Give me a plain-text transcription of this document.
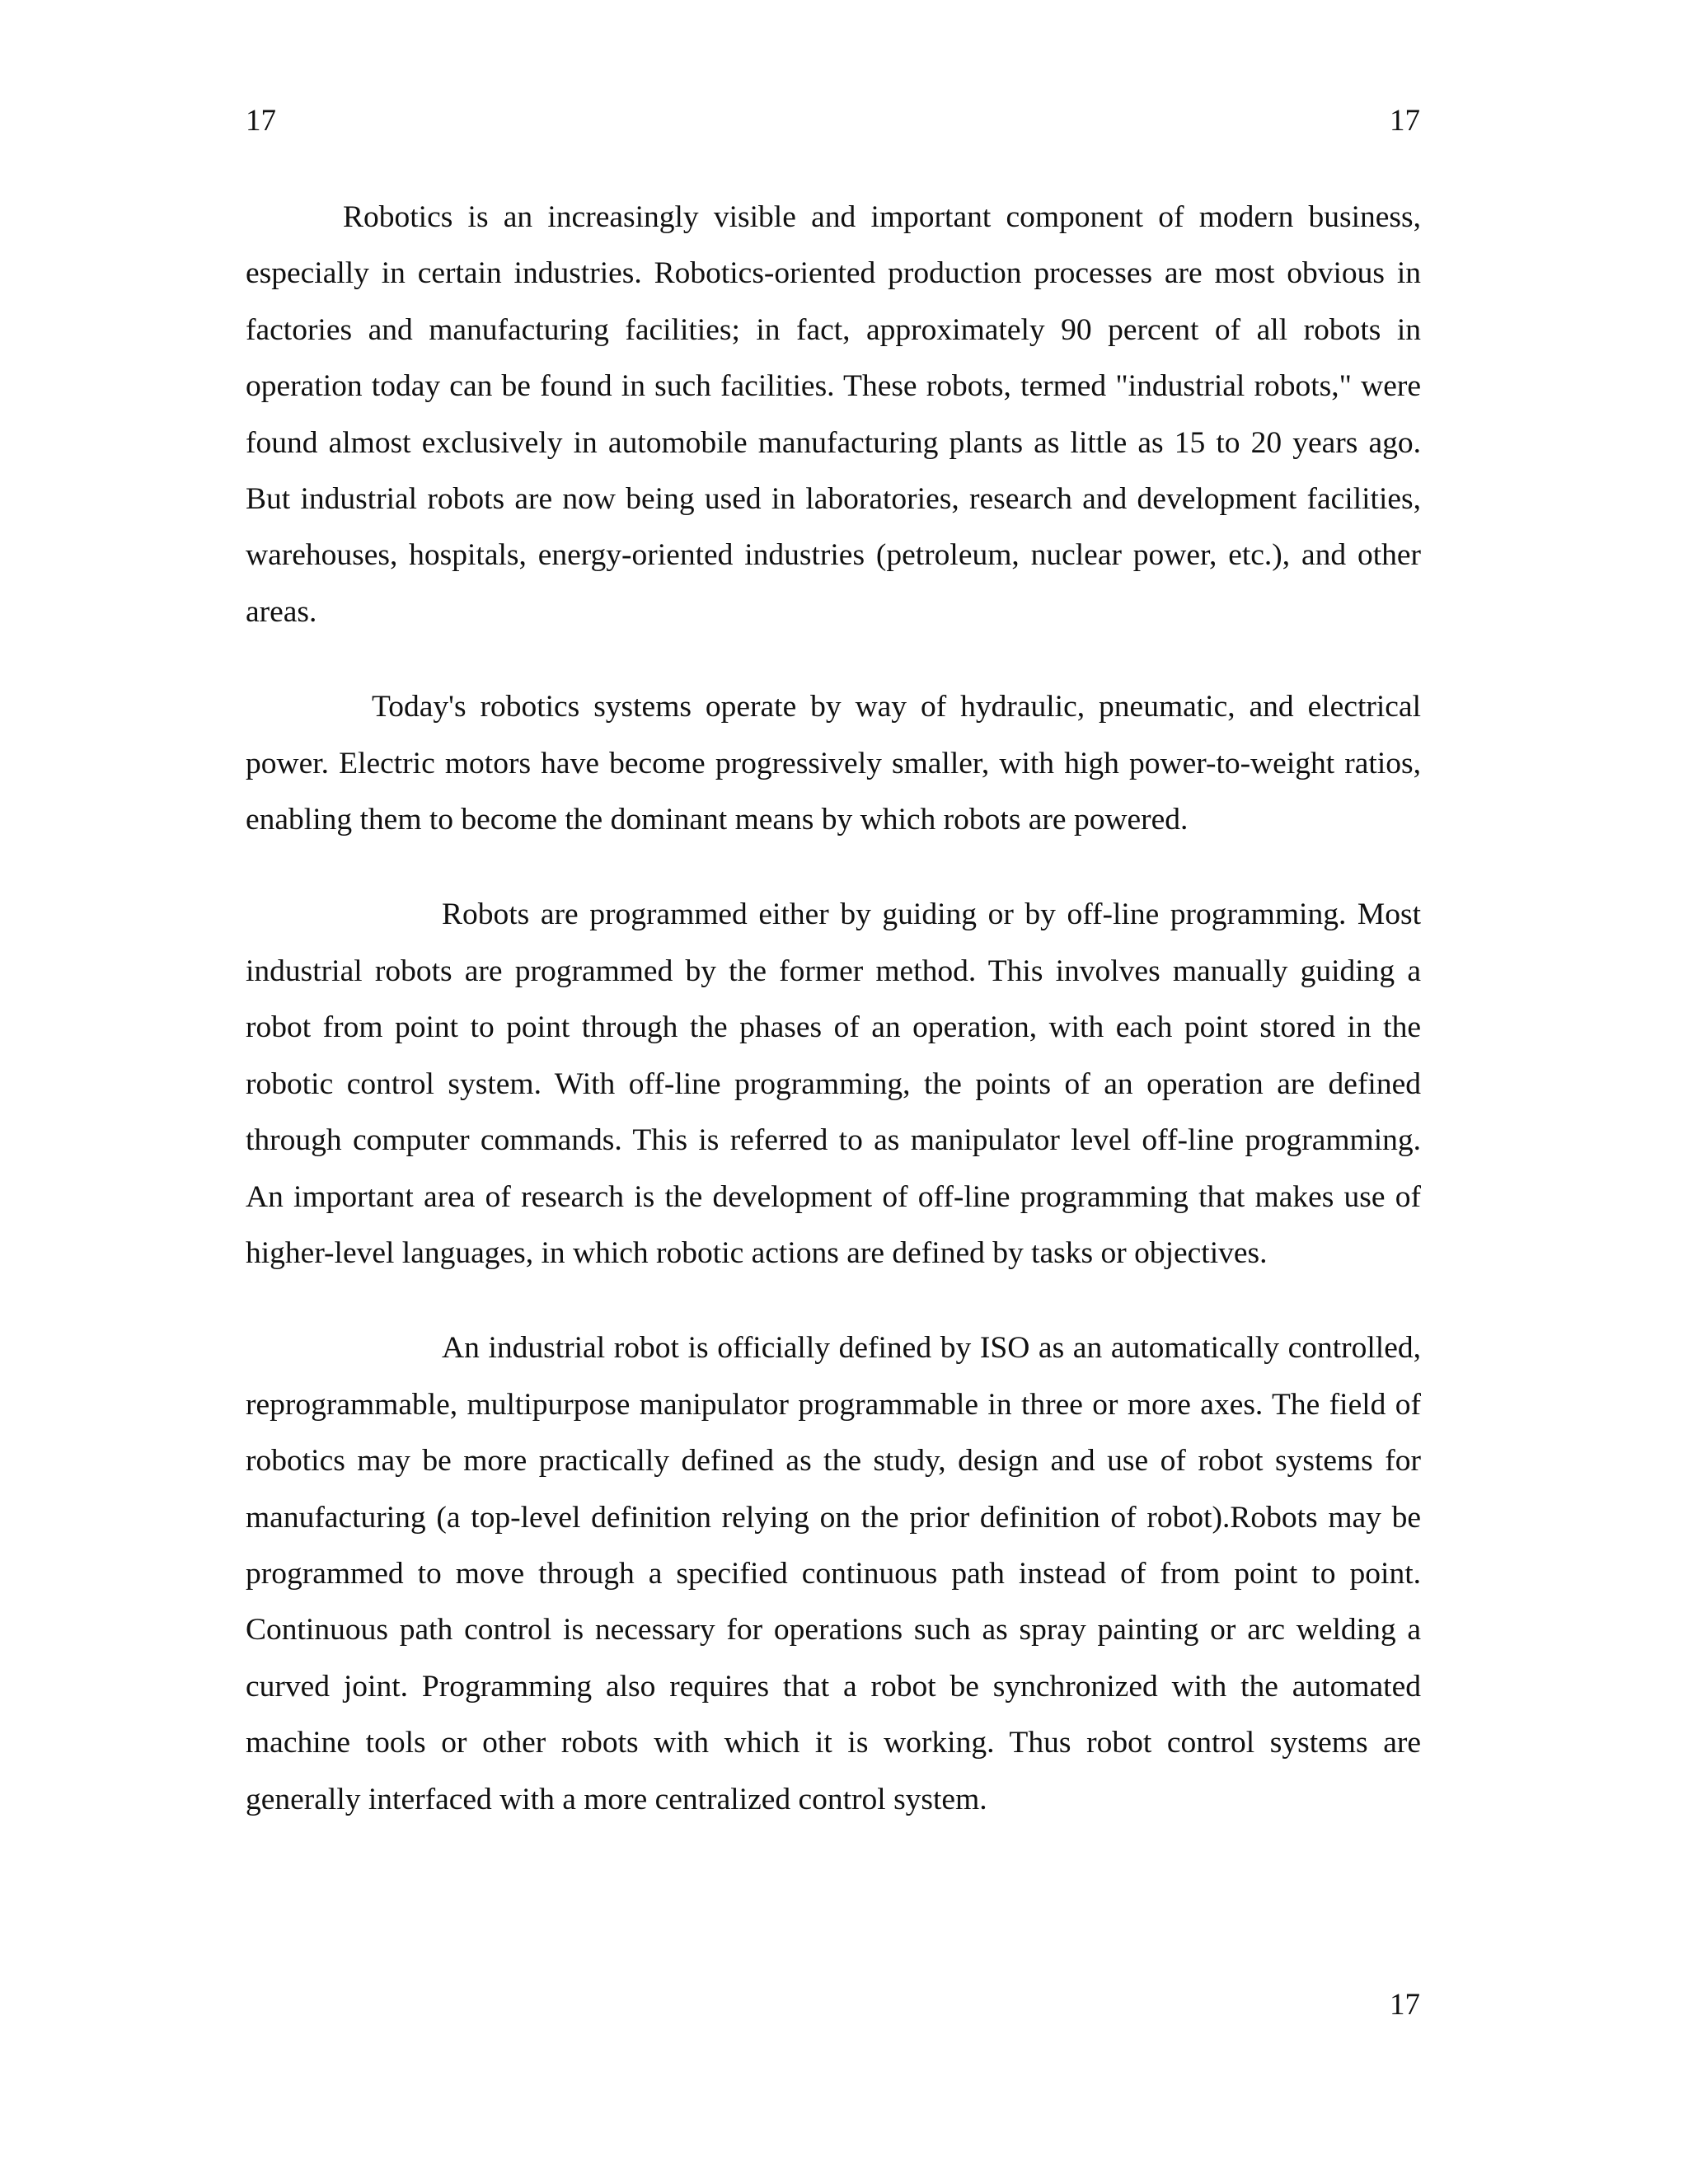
17	17

Robotics is an increasingly visible and important component of modern business, especially in certain industries. Robotics-oriented production processes are most obvious in factories and manufacturing facilities; in fact, approximately 90 percent of all robots in operation today can be found in such facilities. These robots, termed "industrial robots," were found almost exclusively in automobile manufacturing plants as little as 15 to 20 years ago. But industrial robots are now being used in laboratories, research and development facilities, warehouses, hospitals, energy-oriented industries (petroleum, nuclear power, etc.), and other areas.

Today's robotics systems operate by way of hydraulic, pneumatic, and electrical power. Electric motors have become progressively smaller, with high power-to-weight ratios, enabling them to become the dominant means by which robots are powered.

Robots are programmed either by guiding or by off-line programming. Most industrial robots are programmed by the former method. This involves manually guiding a robot from point to point through the phases of an operation, with each point stored in the robotic control system. With off-line programming, the points of an operation are defined through computer commands. This is referred to as manipulator level off-line programming. An important area of research is the development of off-line programming that makes use of higher-level languages, in which robotic actions are defined by tasks or objectives.

An industrial robot is officially defined by ISO as an automatically controlled, reprogrammable, multipurpose manipulator programmable in three or more axes. The field of robotics may be more practically defined as the study, design and use of robot systems for manufacturing (a top-level definition relying on the prior definition of robot).Robots may be programmed to move through a specified continuous path instead of from point to point. Continuous path control is necessary for operations such as spray painting or arc welding a curved joint. Programming also requires that a robot be synchronized with the automated machine tools or other robots with which it is working. Thus robot control systems are generally interfaced with a more centralized control system.

17
